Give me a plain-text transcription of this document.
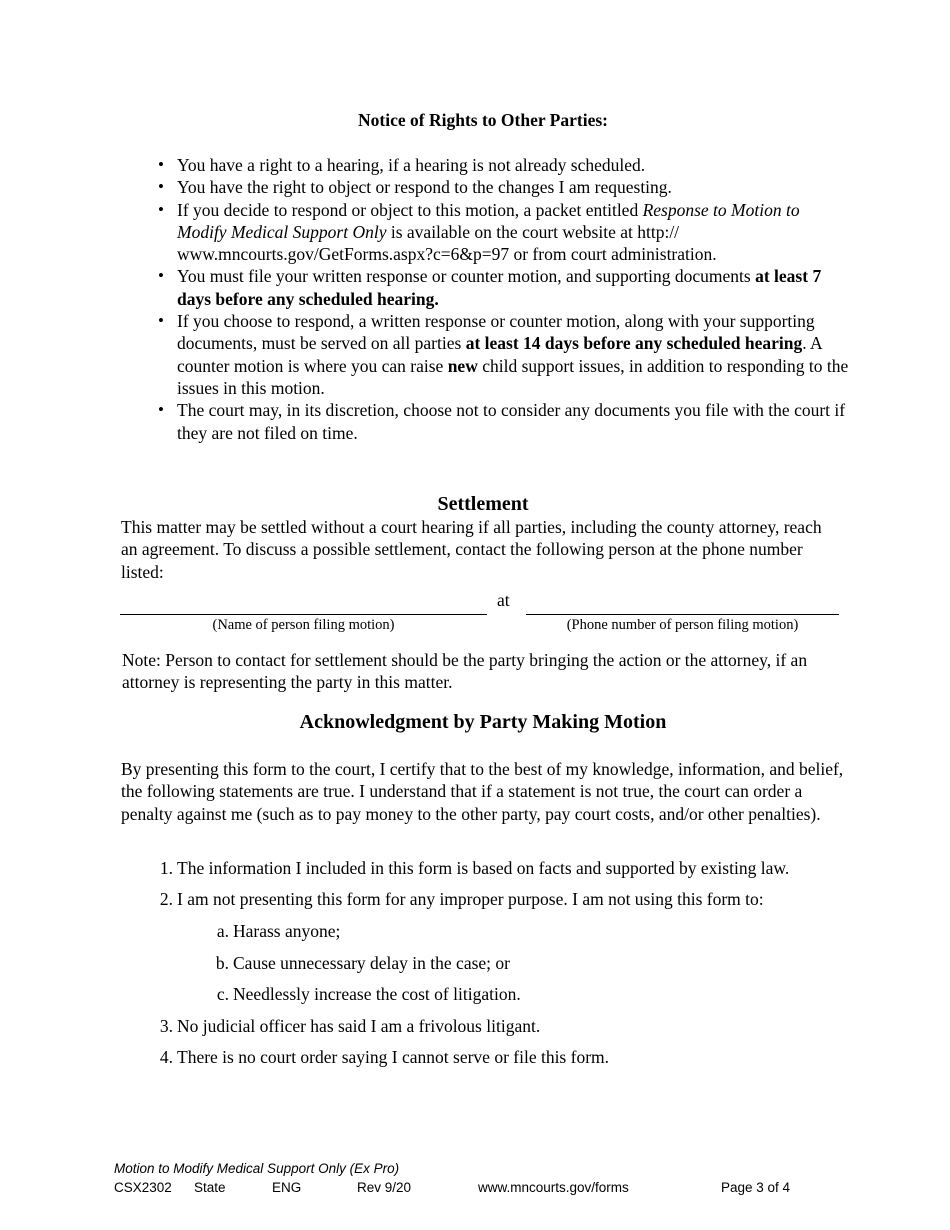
Notice of Rights to Other Parties:
• You have a right to a hearing, if a hearing is not already scheduled.
• You have the right to object or respond to the changes I am requesting.
• If you decide to respond or object to this motion, a packet entitled Response to Motion to Modify Medical Support Only is available on the court website at http:// www.mncourts.gov/GetForms.aspx?c=6&p=97 or from court administration.
• You must file your written response or counter motion, and supporting documents at least 7 days before any scheduled hearing.
• If you choose to respond, a written response or counter motion, along with your supporting documents, must be served on all parties at least 14 days before any scheduled hearing. A counter motion is where you can raise new child support issues, in addition to responding to the issues in this motion.
• The court may, in its discretion, choose not to consider any documents you file with the court if they are not filed on time.
Settlement

This matter may be settled without a court hearing if all parties, including the county attorney, reach an agreement. To discuss a possible settlement, contact the following person at the phone number listed:

at
(Name of person filing motion)	(Phone number of person filing motion)

Note: Person to contact for settlement should be the party bringing the action or the attorney, if an attorney is representing the party in this matter.

Acknowledgment by Party Making Motion

By presenting this form to the court, I certify that to the best of my knowledge, information, and belief, the following statements are true. I understand that if a statement is not true, the court can order a penalty against me (such as to pay money to the other party, pay court costs, and/or other penalties).

1. The information I included in this form is based on facts and supported by existing law.

2. I am not presenting this form for any improper purpose. I am not using this form to:

a. Harass anyone;

b. Cause unnecessary delay in the case; or

c. Needlessly increase the cost of litigation.

3. No judicial officer has said I am a frivolous litigant.

4. There is no court order saying I cannot serve or file this form.

Motion to Modify Medical Support Only (Ex Pro)
CSX2302 State	ENG	Rev 9/20	www.mncourts.gov/forms	Page 3 of 4
